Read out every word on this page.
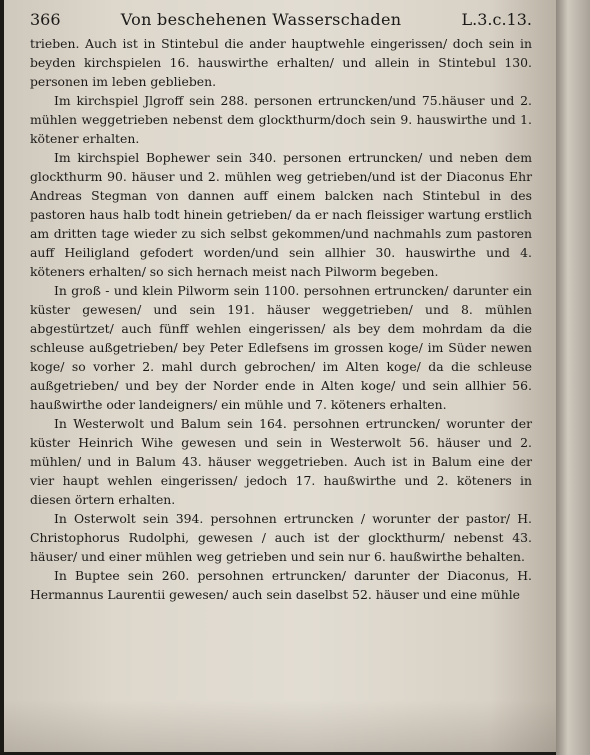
366	Von beschehenen Wasserschaden	L.3.c.13.

trieben. Auch ist in Stintebul die ander hauptwehle eingerissen/ doch sein in beyden kirchspielen 16. hauswirthe erhalten/ und allein in Stintebul 130. personen im leben geblieben.

Im kirchspiel Jlgroff sein 288. personen ertruncken/und 75.häuser und 2. mühlen weggetrieben nebenst dem glockthurm/doch sein 9. hauswirthe und 1. kötener erhalten.

Im kirchspiel Bophewer sein 340. personen ertruncken/ und neben dem glockthurm 90. häuser und 2. mühlen weg getrieben/und ist der Diaconus Ehr Andreas Stegman von dannen auff einem balcken nach Stintebul in des pastoren haus halb todt hinein getrieben/ da er nach fleissiger wartung erstlich am dritten tage wieder zu sich selbst gekommen/und nachmahls zum pastoren auff Heiligland gefodert worden/und sein allhier 30. hauswirthe und 4. köteners erhalten/ so sich hernach meist nach Pilworm begeben.

In groß - und klein Pilworm sein 1100. persohnen ertruncken/ darunter ein küster gewesen/ und sein 191. häuser weggetrieben/ und 8. mühlen abgestürtzet/ auch fünff wehlen eingerissen/ als bey dem mohrdam da die schleuse außgetrieben/ bey Peter Edlefsens im grossen koge/ im Süder newen koge/ so vorher 2. mahl durch gebrochen/ im Alten koge/ da die schleuse außgetrieben/ und bey der Norder ende in Alten koge/ und sein allhier 56. haußwirthe oder landeigners/ ein mühle und 7. köteners erhalten.

In Westerwolt und Balum sein 164. persohnen ertruncken/ worunter der küster Heinrich Wihe gewesen und sein in Westerwolt 56. häuser und 2. mühlen/ und in Balum 43. häuser weggetrieben. Auch ist in Balum eine der vier haupt wehlen eingerissen/ jedoch 17. haußwirthe und 2. köteners in diesen örtern erhalten.

In Osterwolt sein 394. persohnen ertruncken / worunter der pastor/ H. Christophorus Rudolphi, gewesen / auch ist der glockthurm/ nebenst 43. häuser/ und einer mühlen weg getrieben und sein nur 6. haußwirthe behalten.

In Buptee sein 260. persohnen ertruncken/ darunter der Diaconus, H. Hermannus Laurentii gewesen/ auch sein daselbst 52. häuser und eine mühle
